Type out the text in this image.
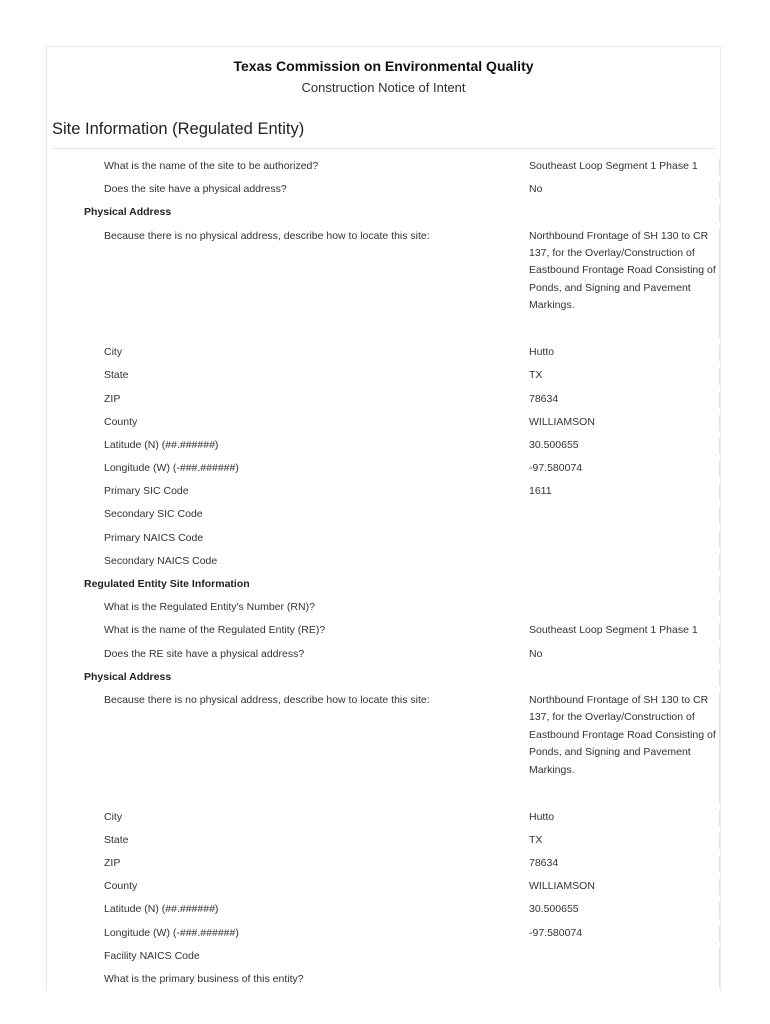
Texas Commission on Environmental Quality
Construction Notice of Intent
Site Information (Regulated Entity)
What is the name of the site to be authorized?	Southeast Loop Segment 1 Phase 1
Does the site have a physical address?	No
Physical Address
Because there is no physical address, describe how to locate this site:	Northbound Frontage of SH 130 to CR 137, for the Overlay/Construction of Eastbound Frontage Road Consisting of Ponds, and Signing and Pavement Markings.
City	Hutto
State	TX
ZIP	78634
County	WILLIAMSON
Latitude (N) (##.######)	30.500655
Longitude (W) (-###.######)	-97.580074
Primary SIC Code	1611
Secondary SIC Code
Primary NAICS Code
Secondary NAICS Code
Regulated Entity Site Information
What is the Regulated Entity's Number (RN)?
What is the name of the Regulated Entity (RE)?	Southeast Loop Segment 1 Phase 1
Does the RE site have a physical address?	No
Physical Address
Because there is no physical address, describe how to locate this site:	Northbound Frontage of SH 130 to CR 137, for the Overlay/Construction of Eastbound Frontage Road Consisting of Ponds, and Signing and Pavement Markings.
City	Hutto
State	TX
ZIP	78634
County	WILLIAMSON
Latitude (N) (##.######)	30.500655
Longitude (W) (-###.######)	-97.580074
Facility NAICS Code
What is the primary business of this entity?
